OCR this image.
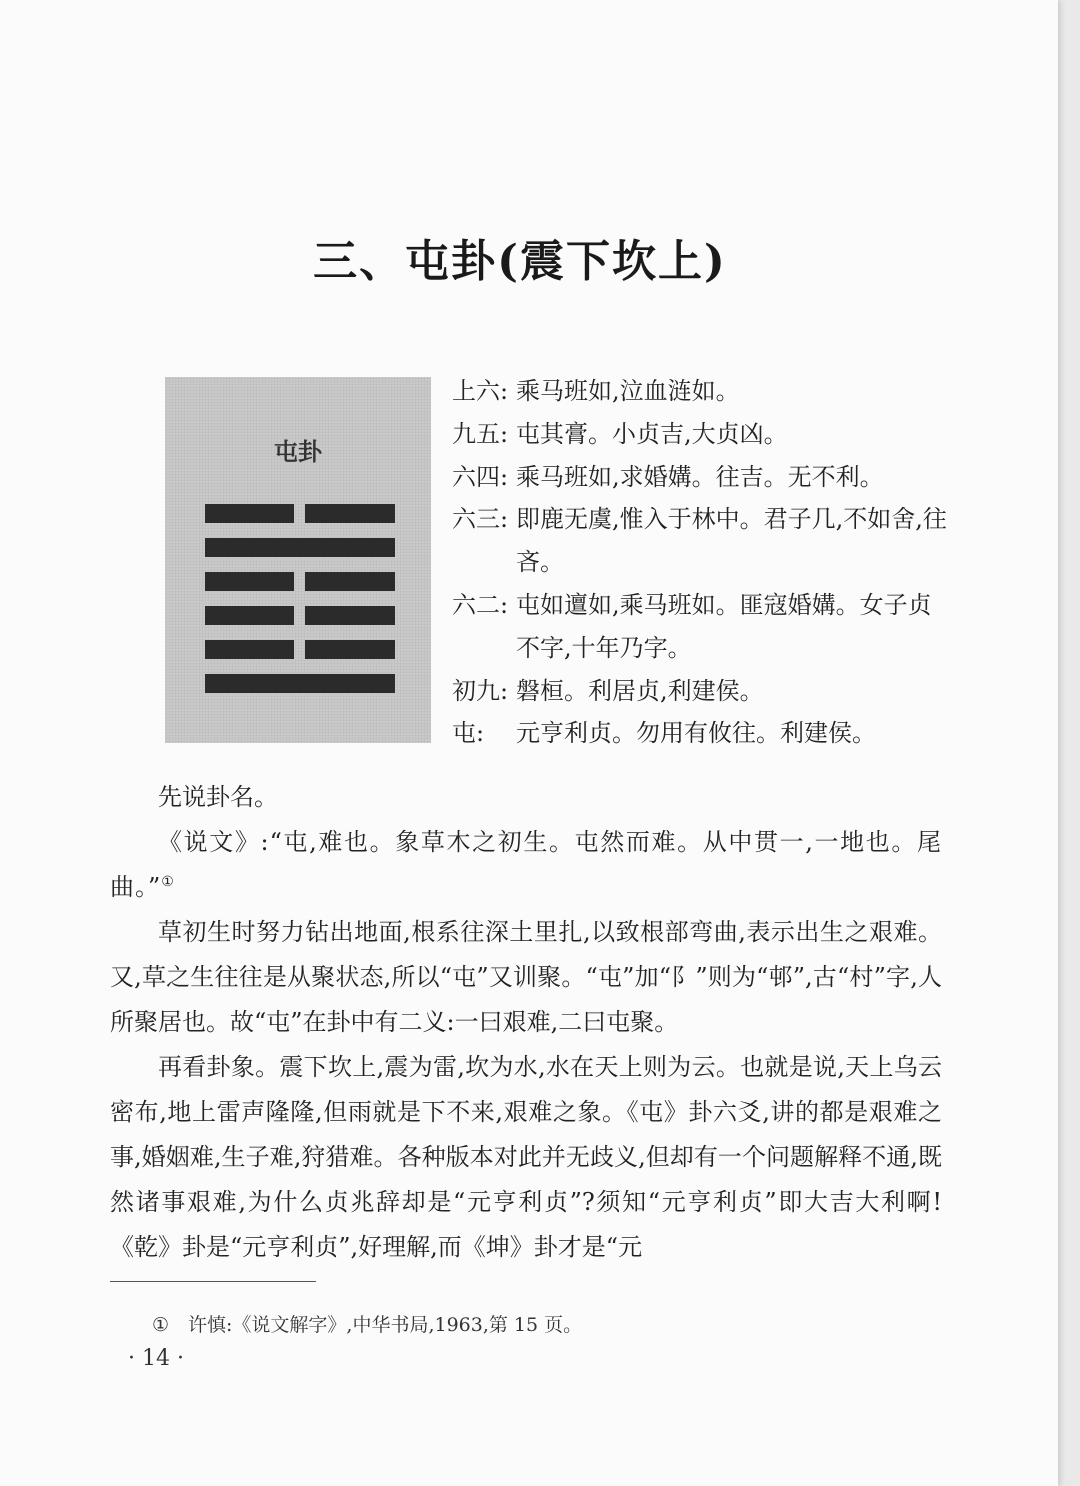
三、屯卦(震下坎上)
屯卦
上六: 乘马班如,泣血涟如。
九五: 屯其膏。小贞吉,大贞凶。
六四: 乘马班如,求婚媾。往吉。无不利。
六三: 即鹿无虞,惟入于林中。君子几,不如舍,往吝。
六二: 屯如邅如,乘马班如。匪寇婚媾。女子贞不字,十年乃字。
初九: 磐桓。利居贞,利建侯。
屯:	元亨利贞。勿用有攸往。利建侯。

先说卦名。

《说文》:“屯,难也。象草木之初生。屯然而难。从中贯一,一地也。尾曲。”①

草初生时努力钻出地面,根系往深土里扎,以致根部弯曲,表示出生之艰难。又,草之生往往是从聚状态,所以“屯”又训聚。“屯”加“阝”则为“邨”,古“村”字,人所聚居也。故“屯”在卦中有二义:一曰艰难,二曰屯聚。

再看卦象。震下坎上,震为雷,坎为水,水在天上则为云。也就是说,天上乌云密布,地上雷声隆隆,但雨就是下不来,艰难之象。《屯》卦六爻,讲的都是艰难之事,婚姻难,生子难,狩猎难。各种版本对此并无歧义,但却有一个问题解释不通,既然诸事艰难,为什么贞兆辞却是“元亨利贞”?须知“元亨利贞”即大吉大利啊!《乾》卦是“元亨利贞”,好理解,而《坤》卦才是“元

① 许慎:《说文解字》,中华书局,1963,第 15 页。
· 14 ·
